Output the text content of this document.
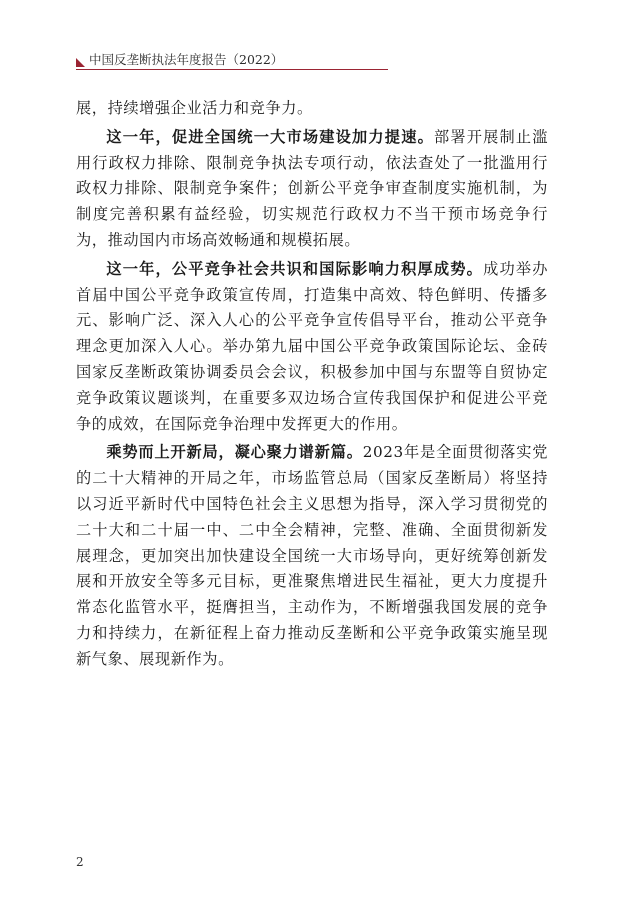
中国反垄断执法年度报告（2022）

展，持续增强企业活力和竞争力。

这一年，促进全国统一大市场建设加力提速。部署开展制止滥用行政权力排除、限制竞争执法专项行动，依法查处了一批滥用行政权力排除、限制竞争案件；创新公平竞争审查制度实施机制，为制度完善积累有益经验，切实规范行政权力不当干预市场竞争行为，推动国内市场高效畅通和规模拓展。

这一年，公平竞争社会共识和国际影响力积厚成势。成功举办首届中国公平竞争政策宣传周，打造集中高效、特色鲜明、传播多元、影响广泛、深入人心的公平竞争宣传倡导平台，推动公平竞争理念更加深入人心。举办第九届中国公平竞争政策国际论坛、金砖国家反垄断政策协调委员会会议，积极参加中国与东盟等自贸协定竞争政策议题谈判，在重要多双边场合宣传我国保护和促进公平竞争的成效，在国际竞争治理中发挥更大的作用。

乘势而上开新局，凝心聚力谱新篇。2023年是全面贯彻落实党的二十大精神的开局之年，市场监管总局（国家反垄断局）将坚持以习近平新时代中国特色社会主义思想为指导，深入学习贯彻党的二十大和二十届一中、二中全会精神，完整、准确、全面贯彻新发展理念，更加突出加快建设全国统一大市场导向，更好统筹创新发展和开放安全等多元目标，更准聚焦增进民生福祉，更大力度提升常态化监管水平，挺膺担当，主动作为，不断增强我国发展的竞争力和持续力，在新征程上奋力推动反垄断和公平竞争政策实施呈现新气象、展现新作为。

2
